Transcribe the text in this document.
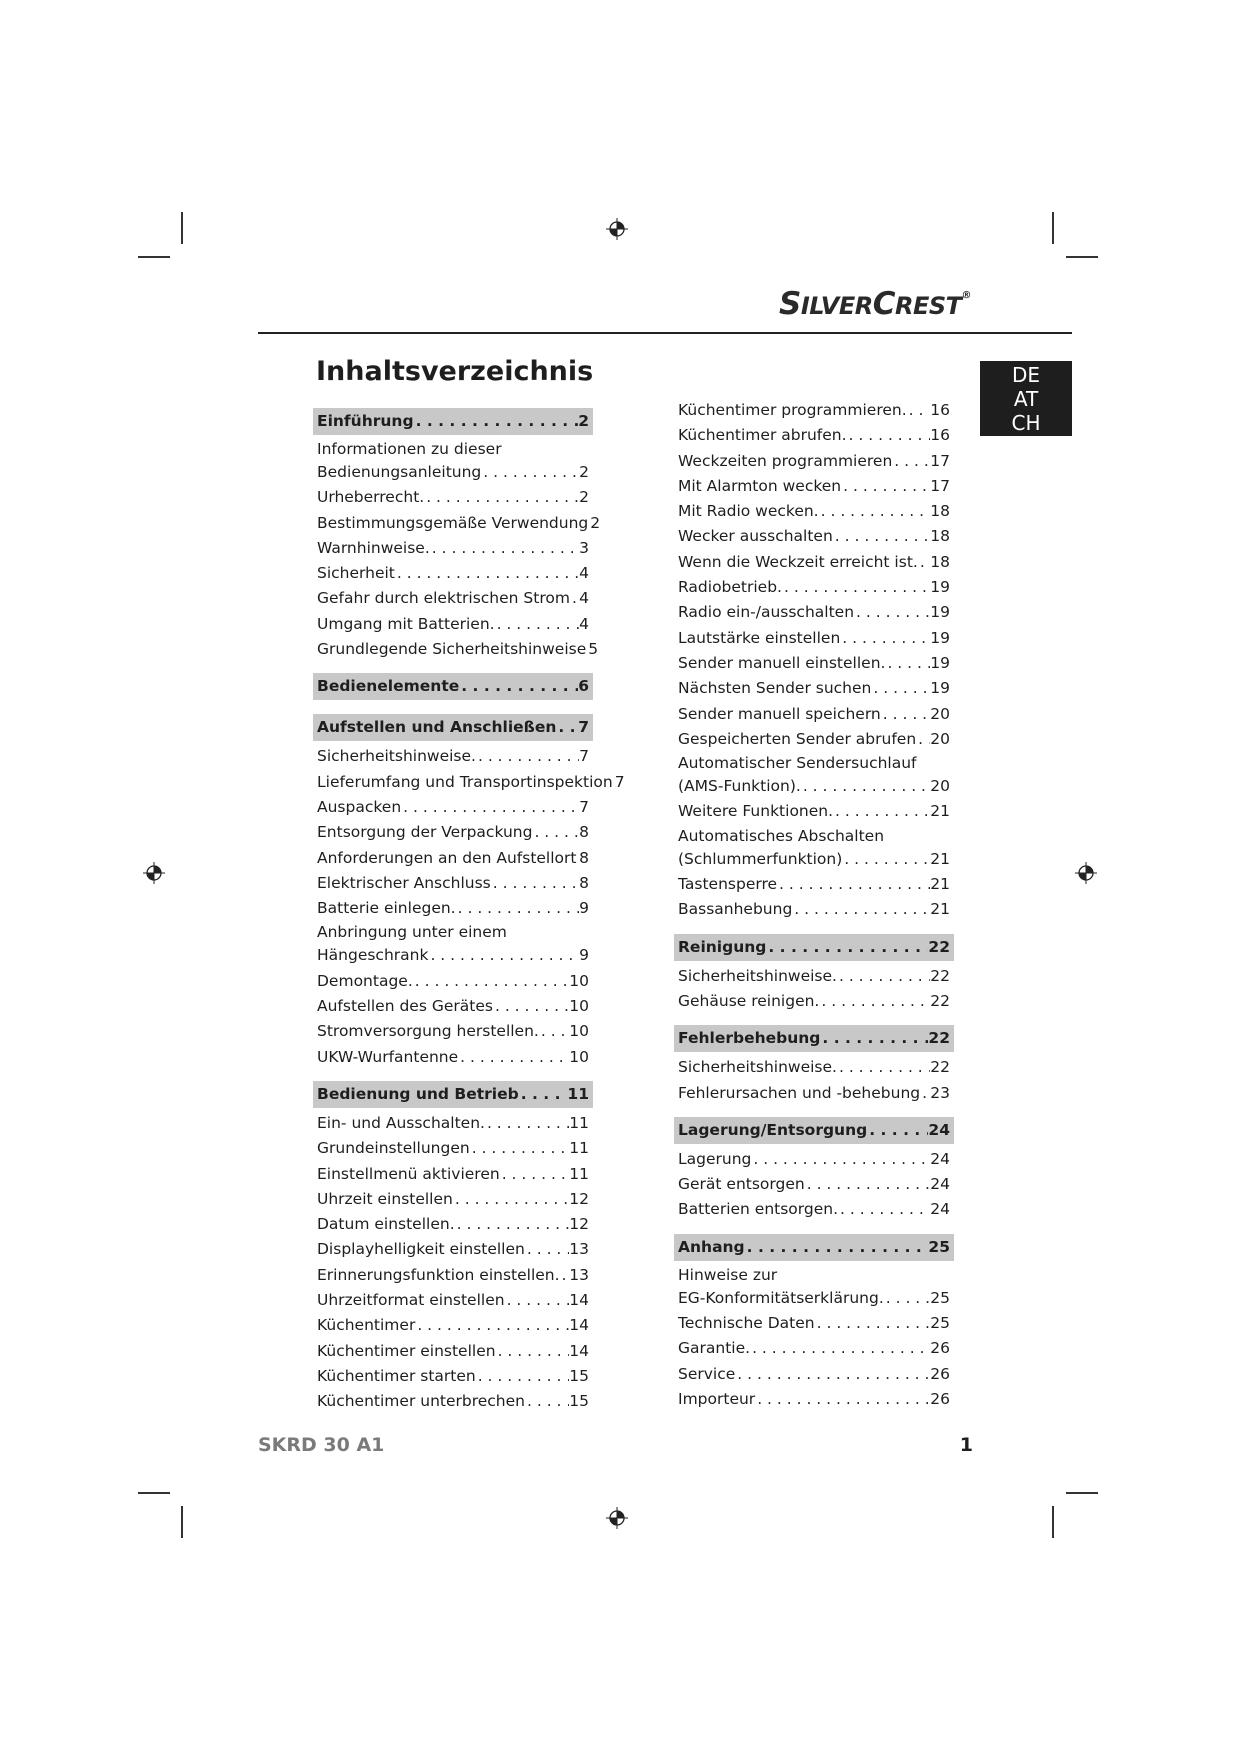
SILVERCREST®
Inhaltsverzeichnis	DE
AT
CH
Einführung . . .	2
Informationen zu dieser
Bedienungsanleitung . . .	2
Urheberrecht. . . .	2
Bestimmungsgemäße Verwendung . . . 2
Warnhinweise. . . .	3
Sicherheit . . .	4
Gefahr durch elektrischen Strom . . . 4
Umgang mit Batterien. . . .	4
Grundlegende Sicherheitshinweise . . . 5
Bedienelemente . . .	6
Aufstellen und Anschließen . . . 7
Sicherheitshinweise. . . .	7
Lieferumfang und Transportinspektion . . . 7
Auspacken . . .	7
Entsorgung der Verpackung . . .	8
Anforderungen an den Aufstellort . . . 8
Elektrischer Anschluss . . .	8
Batterie einlegen. . . .	9
Anbringung unter einem
Hängeschrank . . .	9
Demontage. . . .	10
Aufstellen des Gerätes . . .	10
Stromversorgung herstellen. . . . 10
UKW-Wurfantenne . . .	10
Bedienung und Betrieb . . .	11
Ein- und Ausschalten. . . .	11
Grundeinstellungen . . .	11
Einstellmenü aktivieren . . .	11
Uhrzeit einstellen . . .	12
Datum einstellen. . . .	12
Displayhelligkeit einstellen . . .	13
Erinnerungsfunktion einstellen. . . . 13
Uhrzeitformat einstellen . . .	14
Küchentimer . . .	14
Küchentimer einstellen . . .	14
Küchentimer starten . . .	15
Küchentimer unterbrechen . . .	15
Küchentimer programmieren. . . . 16
Küchentimer abrufen. . . .	16
Weckzeiten programmieren . . . 17
Mit Alarmton wecken . . .	17
Mit Radio wecken. . . .	18
Wecker ausschalten . . .	18
Wenn die Weckzeit erreicht ist. . . . 18
Radiobetrieb. . . .	19
Radio ein-/ausschalten . . .	19
Lautstärke einstellen . . .	19
Sender manuell einstellen. . . .	19
Nächsten Sender suchen . . .	19
Sender manuell speichern . . .	20
Gespeicherten Sender abrufen . . . 20
Automatischer Sendersuchlauf
(AMS-Funktion). . . .	20
Weitere Funktionen. . . .	21
Automatisches Abschalten
(Schlummerfunktion) . . .	21
Tastensperre . . .	21
Bassanhebung . . .	21
Reinigung . . .	22
Sicherheitshinweise. . . .	22
Gehäuse reinigen. . . .	22
Fehlerbehebung . . .	22
Sicherheitshinweise. . . .	22
Fehlerursachen und -behebung . . . 23
Lagerung/Entsorgung . . .	24
Lagerung . . .	24
Gerät entsorgen . . .	24
Batterien entsorgen. . . .	24
Anhang . . .	25
Hinweise zur
EG-Konformitätserklärung. . . .	25
Technische Daten . . .	25
Garantie. . . .	26
Service . . .	26
Importeur . . .	26
SKRD 30 A1	1
